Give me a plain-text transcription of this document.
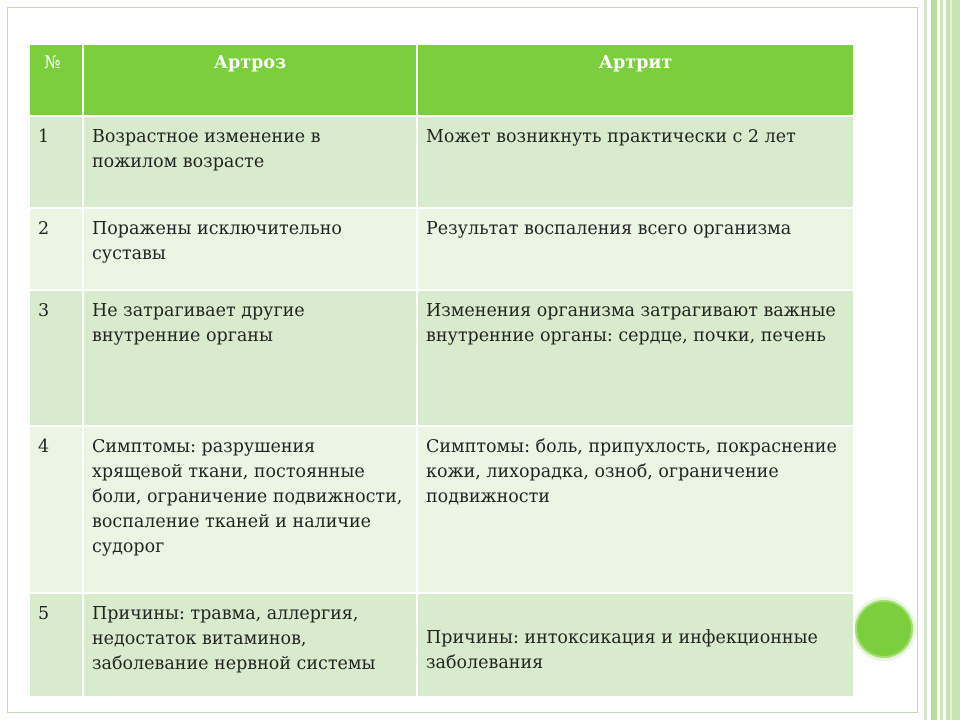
№	Артроз	Артрит
1	Возрастное изменение в пожилом возрасте	Может возникнуть практически с 2 лет
2	Поражены исключительно суставы	Результат воспаления всего организма
3	Не затрагивает другие внутренние органы	Изменения организма затрагивают важные внутренние органы: сердце, почки, печень
4	Симптомы: разрушения хрящевой ткани, постоянные боли, ограничение подвижности, воспаление тканей и наличие судорог	Симптомы: боль, припухлость, покраснение кожи, лихорадка, озноб, ограничение подвижности
5	Причины: травма, аллергия, недостаток витаминов, заболевание нервной системы	Причины: интоксикация и инфекционные заболевания
